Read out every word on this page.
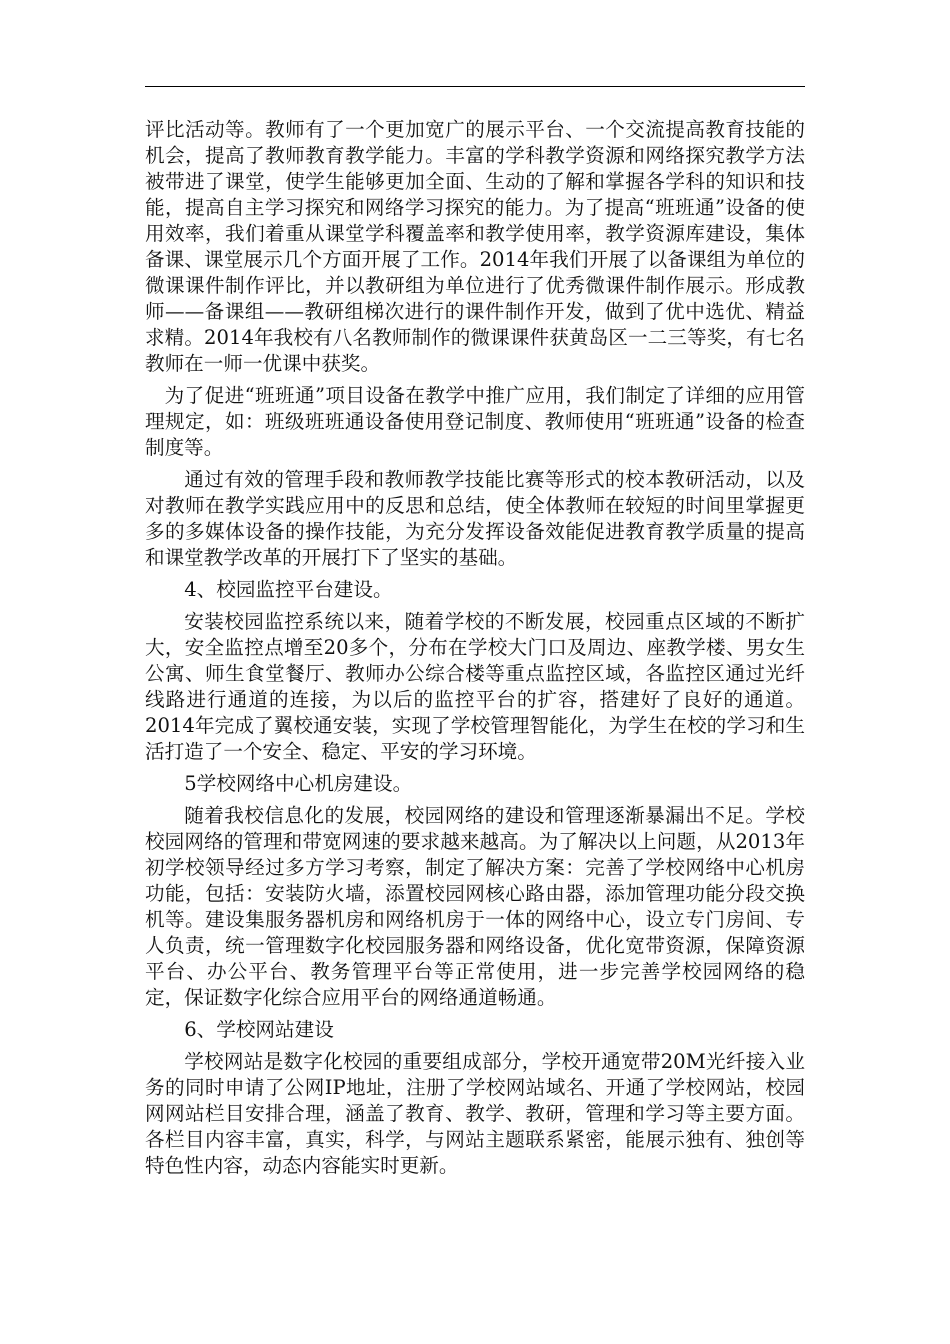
评比活动等。教师有了一个更加宽广的展示平台、一个交流提高教育技能的机会，提高了教师教育教学能力。丰富的学科教学资源和网络探究教学方法被带进了课堂，使学生能够更加全面、生动的了解和掌握各学科的知识和技能，提高自主学习探究和网络学习探究的能力。为了提高“班班通”设备的使用效率，我们着重从课堂学科覆盖率和教学使用率，教学资源库建设，集体备课、课堂展示几个方面开展了工作。2014年我们开展了以备课组为单位的微课课件制作评比，并以教研组为单位进行了优秀微课件制作展示。形成教师——备课组——教研组梯次进行的课件制作开发，做到了优中选优、精益求精。2014年我校有八名教师制作的微课课件获黄岛区一二三等奖，有七名教师在一师一优课中获奖。

为了促进“班班通”项目设备在教学中推广应用，我们制定了详细的应用管理规定，如：班级班班通设备使用登记制度、教师使用“班班通”设备的检查制度等。

通过有效的管理手段和教师教学技能比赛等形式的校本教研活动，以及对教师在教学实践应用中的反思和总结，使全体教师在较短的时间里掌握更多的多媒体设备的操作技能，为充分发挥设备效能促进教育教学质量的提高和课堂教学改革的开展打下了坚实的基础。

4、校园监控平台建设。

安装校园监控系统以来，随着学校的不断发展，校园重点区域的不断扩大，安全监控点增至20多个，分布在学校大门口及周边、座教学楼、男女生公寓、师生食堂餐厅、教师办公综合楼等重点监控区域，各监控区通过光纤线路进行通道的连接，为以后的监控平台的扩容，搭建好了良好的通道。2014年完成了翼校通安装，实现了学校管理智能化，为学生在校的学习和生活打造了一个安全、稳定、平安的学习环境。

5学校网络中心机房建设。

随着我校信息化的发展，校园网络的建设和管理逐渐暴漏出不足。学校校园网络的管理和带宽网速的要求越来越高。为了解决以上问题，从2013年初学校领导经过多方学习考察，制定了解决方案：完善了学校网络中心机房功能，包括：安装防火墙，添置校园网核心路由器，添加管理功能分段交换机等。建设集服务器机房和网络机房于一体的网络中心，设立专门房间、专人负责，统一管理数字化校园服务器和网络设备，优化宽带资源，保障资源平台、办公平台、教务管理平台等正常使用，进一步完善学校园网络的稳定，保证数字化综合应用平台的网络通道畅通。

6、学校网站建设

学校网站是数字化校园的重要组成部分，学校开通宽带20M光纤接入业务的同时申请了公网IP地址，注册了学校网站域名、开通了学校网站，校园网网站栏目安排合理，涵盖了教育、教学、教研，管理和学习等主要方面。各栏目内容丰富，真实，科学，与网站主题联系紧密，能展示独有、独创等特色性内容，动态内容能实时更新。
